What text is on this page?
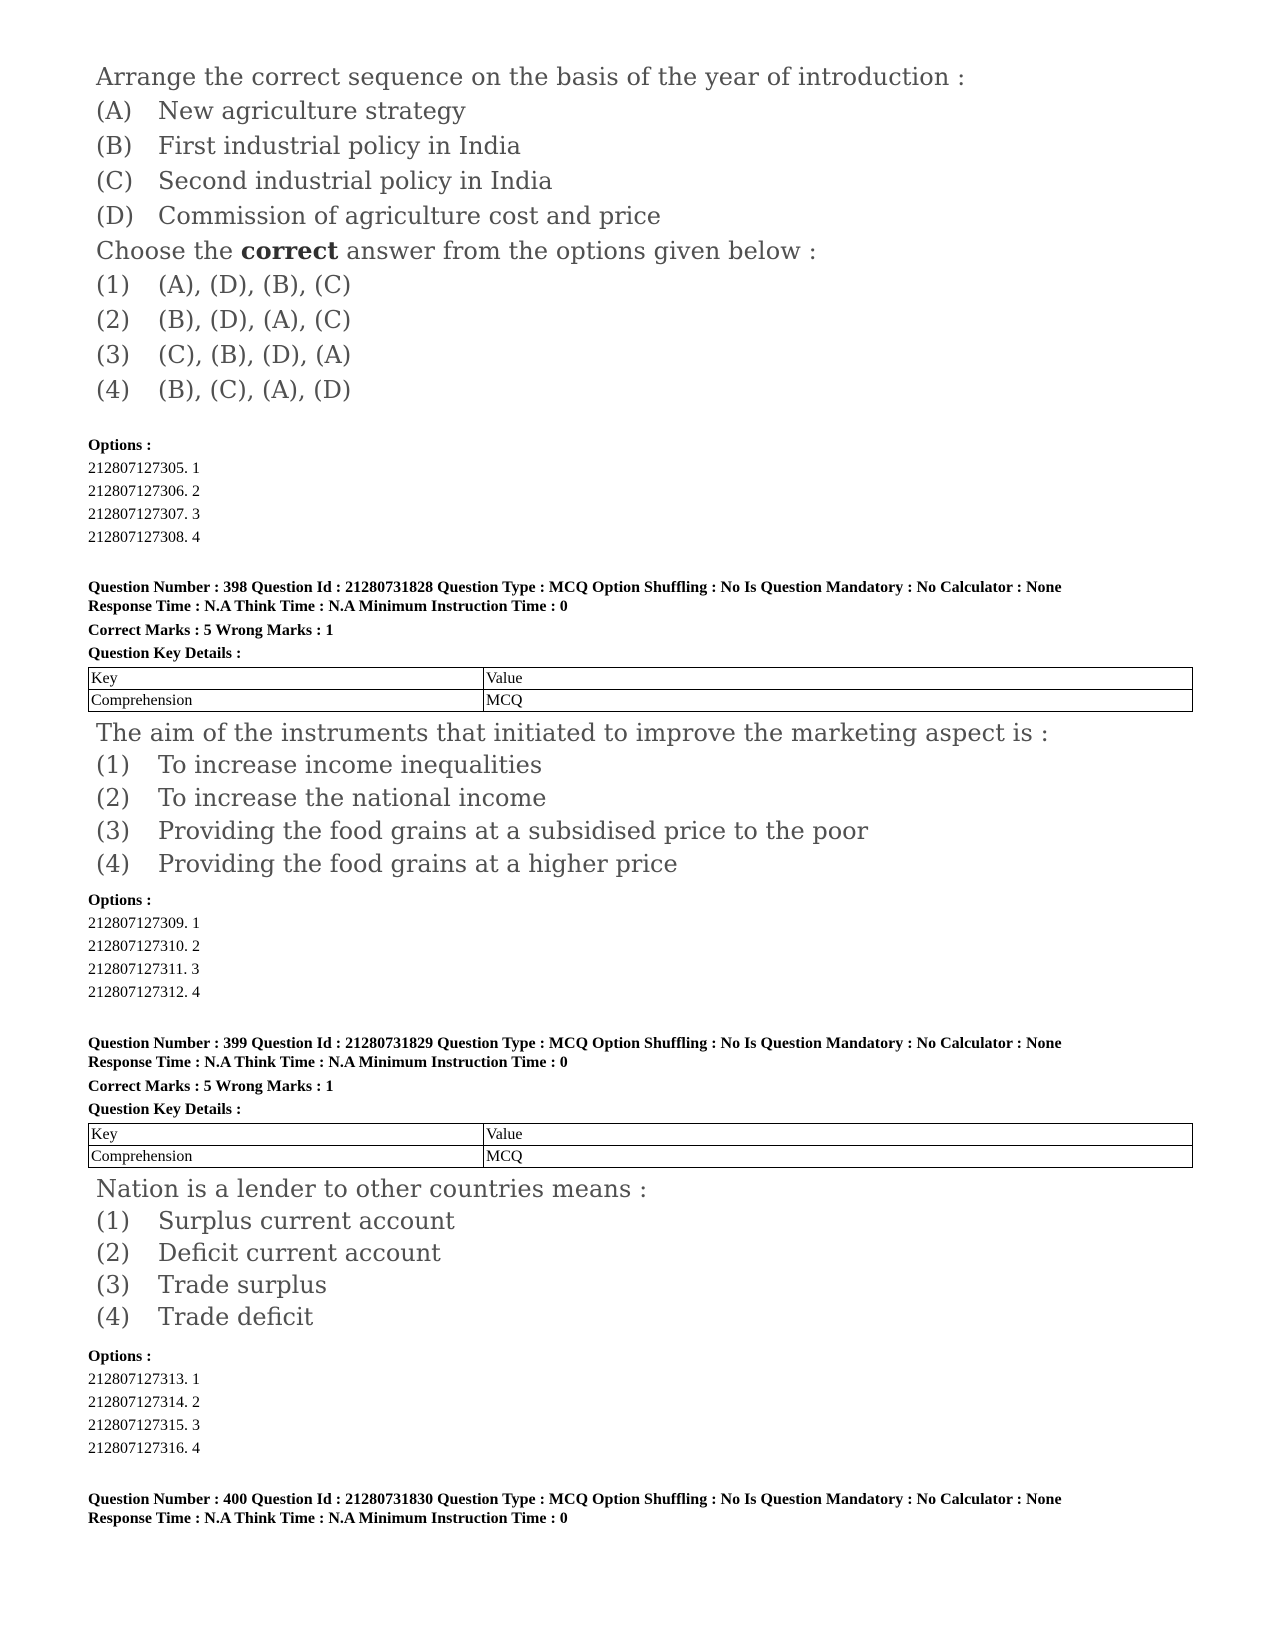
Arrange the correct sequence on the basis of the year of introduction :
(A) New agriculture strategy
(B) First industrial policy in India
(C) Second industrial policy in India
(D) Commission of agriculture cost and price
Choose the correct answer from the options given below :
(1) (A), (D), (B), (C)
(2) (B), (D), (A), (C)
(3) (C), (B), (D), (A)
(4) (B), (C), (A), (D)
Options :
212807127305. 1
212807127306. 2
212807127307. 3
212807127308. 4
Question Number : 398 Question Id : 21280731828 Question Type : MCQ Option Shuffling : No Is Question Mandatory : No Calculator : None
Response Time : N.A Think Time : N.A Minimum Instruction Time : 0
Correct Marks : 5 Wrong Marks : 1
Question Key Details :
Key	Value
Comprehension	MCQ
The aim of the instruments that initiated to improve the marketing aspect is :
(1) To increase income inequalities
(2) To increase the national income
(3) Providing the food grains at a subsidised price to the poor
(4) Providing the food grains at a higher price
Options :
212807127309. 1
212807127310. 2
212807127311. 3
212807127312. 4
Question Number : 399 Question Id : 21280731829 Question Type : MCQ Option Shuffling : No Is Question Mandatory : No Calculator : None
Response Time : N.A Think Time : N.A Minimum Instruction Time : 0
Correct Marks : 5 Wrong Marks : 1
Question Key Details :
Key	Value
Comprehension	MCQ
Nation is a lender to other countries means :
(1) Surplus current account
(2) Deficit current account
(3) Trade surplus
(4) Trade deficit
Options :
212807127313. 1
212807127314. 2
212807127315. 3
212807127316. 4
Question Number : 400 Question Id : 21280731830 Question Type : MCQ Option Shuffling : No Is Question Mandatory : No Calculator : None
Response Time : N.A Think Time : N.A Minimum Instruction Time : 0
